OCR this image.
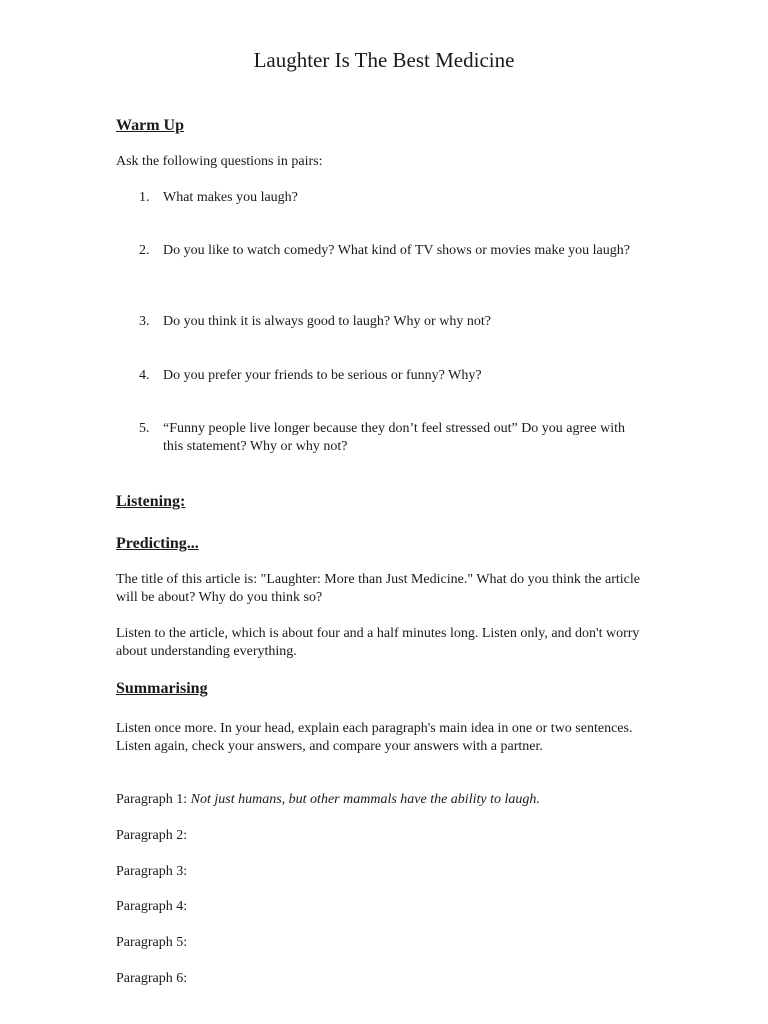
Laughter Is The Best Medicine
Warm Up
Ask the following questions in pairs:
1. What makes you laugh?
2. Do you like to watch comedy? What kind of TV shows or movies make you laugh?
3. Do you think it is always good to laugh? Why or why not?
4. Do you prefer your friends to be serious or funny? Why?
5. “Funny people live longer because they don’t feel stressed out” Do you agree with this statement? Why or why not?
Listening:
Predicting...
The title of this article is: "Laughter: More than Just Medicine." What do you think the article will be about? Why do you think so?
Listen to the article, which is about four and a half minutes long. Listen only, and don't worry about understanding everything.
Summarising
Listen once more. In your head, explain each paragraph's main idea in one or two sentences. Listen again, check your answers, and compare your answers with a partner.
Paragraph 1: Not just humans, but other mammals have the ability to laugh.
Paragraph 2:
Paragraph 3:
Paragraph 4:
Paragraph 5:
Paragraph 6:
